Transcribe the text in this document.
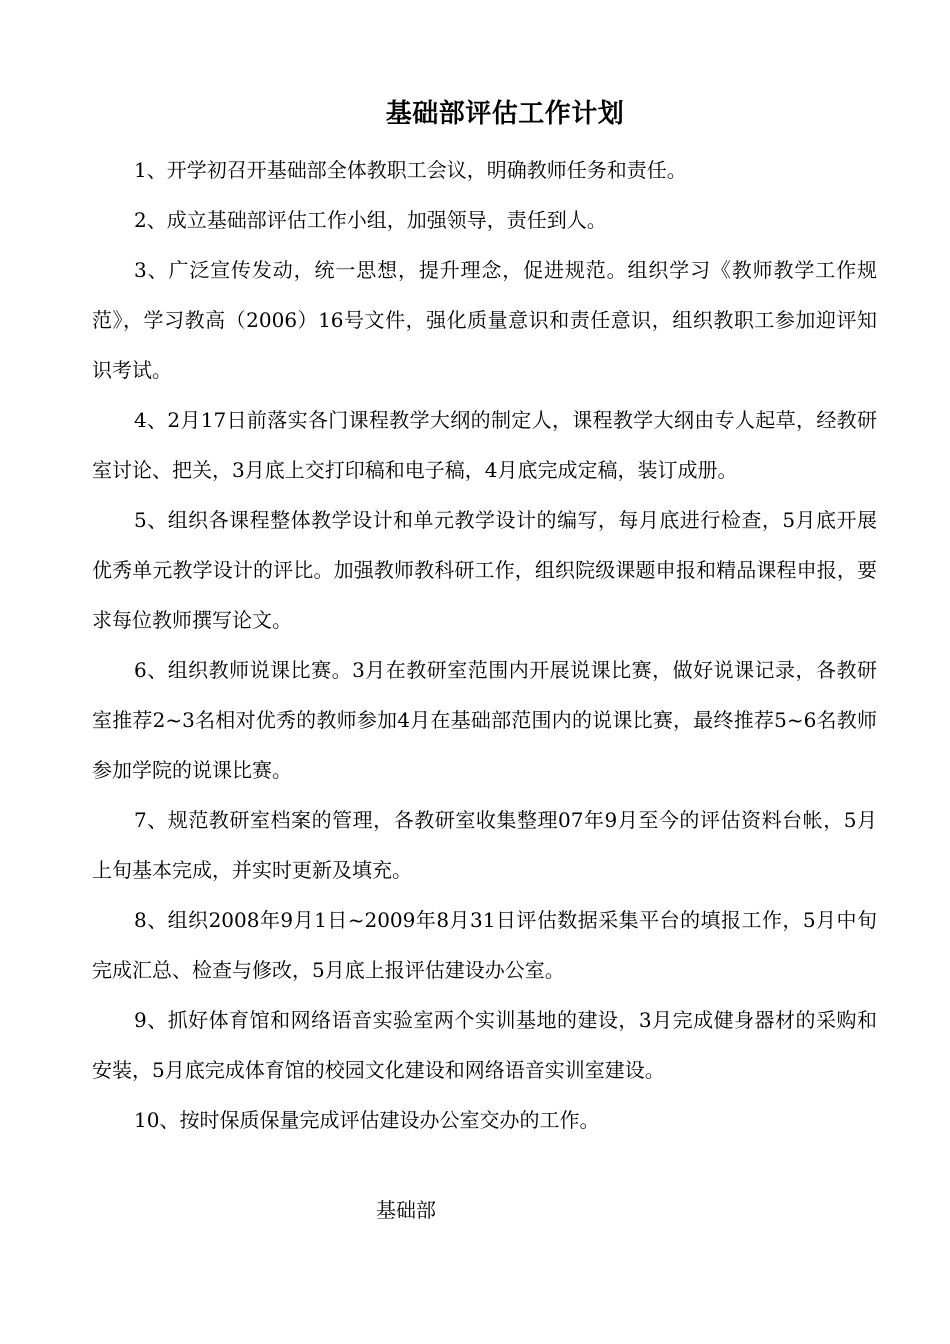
基础部评估工作计划

1、开学初召开基础部全体教职工会议，明确教师任务和责任。

2、成立基础部评估工作小组，加强领导，责任到人。

3、广泛宣传发动，统一思想，提升理念，促进规范。组织学习《教师教学工作规范》，学习教高（2006）16号文件，强化质量意识和责任意识，组织教职工参加迎评知识考试。

4、2月17日前落实各门课程教学大纲的制定人，课程教学大纲由专人起草，经教研室讨论、把关，3月底上交打印稿和电子稿，4月底完成定稿，装订成册。

5、组织各课程整体教学设计和单元教学设计的编写，每月底进行检查，5月底开展优秀单元教学设计的评比。加强教师教科研工作，组织院级课题申报和精品课程申报，要求每位教师撰写论文。

6、组织教师说课比赛。3月在教研室范围内开展说课比赛，做好说课记录，各教研室推荐2~3名相对优秀的教师参加4月在基础部范围内的说课比赛，最终推荐5~6名教师参加学院的说课比赛。

7、规范教研室档案的管理，各教研室收集整理07年9月至今的评估资料台帐，5月上旬基本完成，并实时更新及填充。

8、组织2008年9月1日~2009年8月31日评估数据采集平台的填报工作，5月中旬完成汇总、检查与修改，5月底上报评估建设办公室。

9、抓好体育馆和网络语音实验室两个实训基地的建设，3月完成健身器材的采购和安装，5月底完成体育馆的校园文化建设和网络语音实训室建设。

10、按时保质保量完成评估建设办公室交办的工作。

基础部
